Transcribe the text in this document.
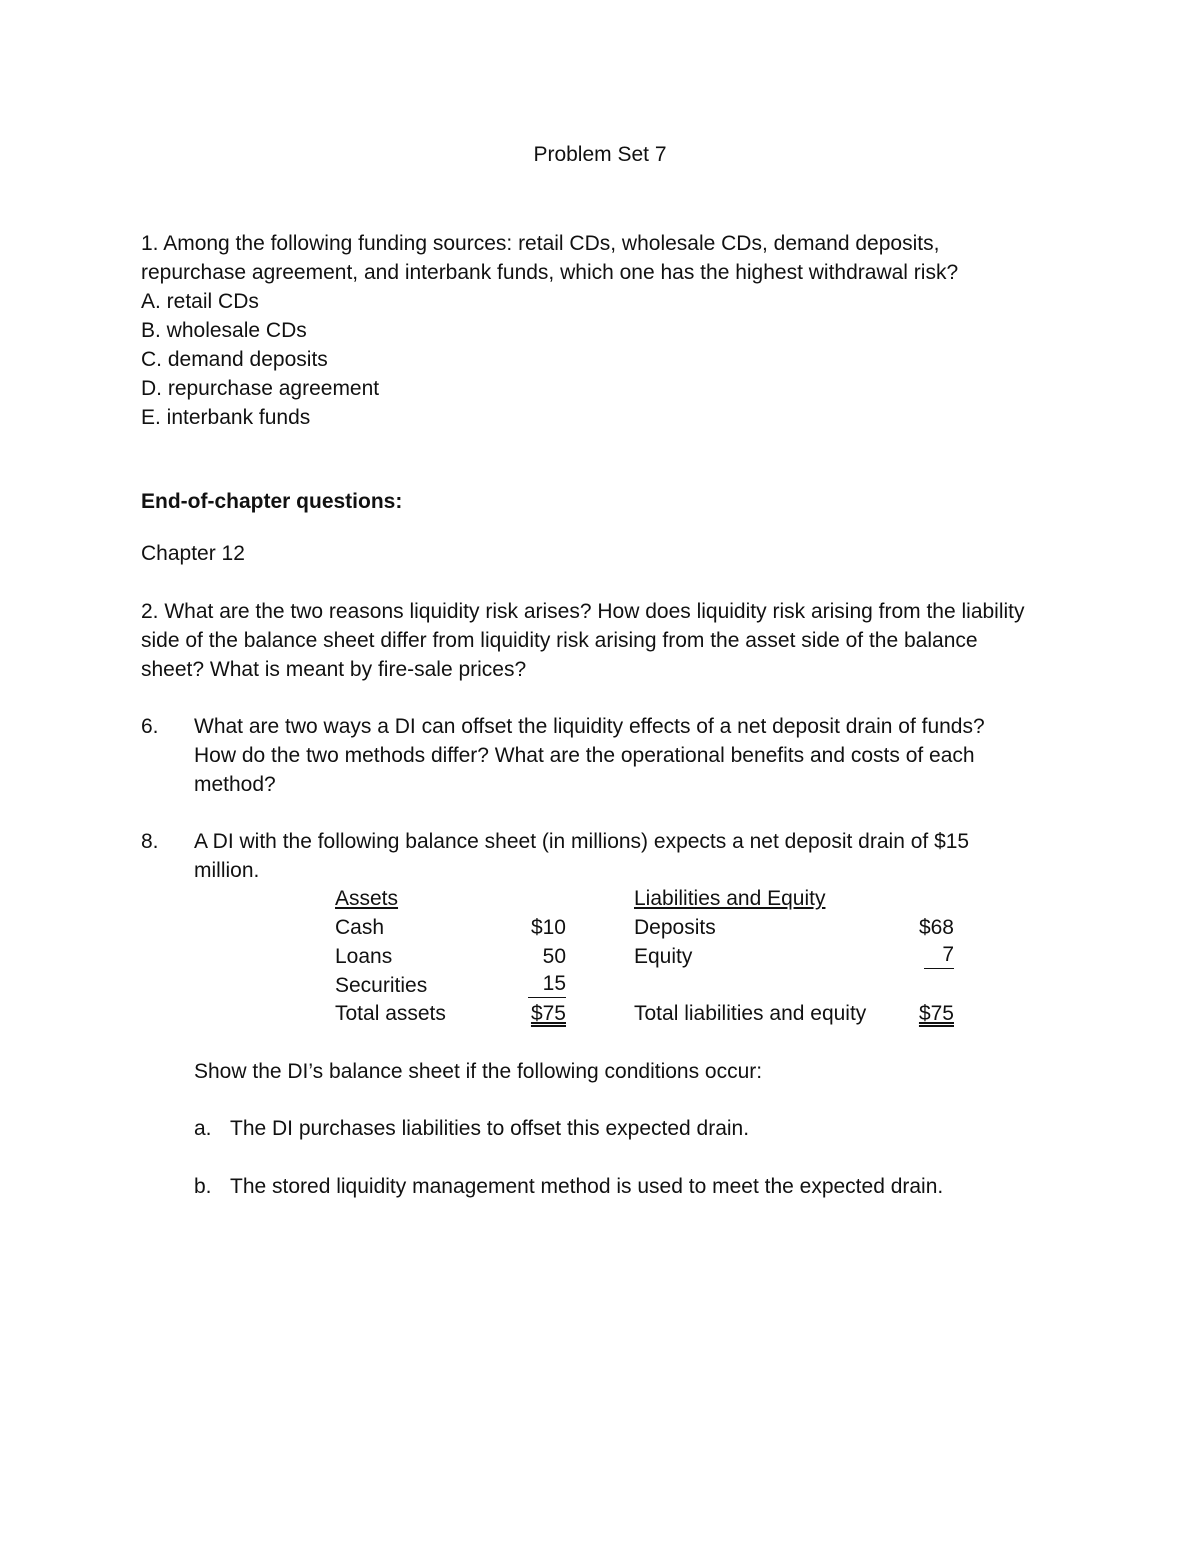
Problem Set 7

1. Among the following funding sources: retail CDs, wholesale CDs, demand deposits,

repurchase agreement, and interbank funds, which one has the highest withdrawal risk?

A. retail CDs

B. wholesale CDs

C. demand deposits

D. repurchase agreement

E. interbank funds

End-of-chapter questions:
Chapter 12

2. What are the two reasons liquidity risk arises? How does liquidity risk arising from the liability

side of the balance sheet differ from liquidity risk arising from the asset side of the balance

sheet? What is meant by fire-sale prices?

6.	What are two ways a DI can offset the liquidity effects of a net deposit drain of funds?

How do the two methods differ? What are the operational benefits and costs of each

method?

8.	A DI with the following balance sheet (in millions) expects a net deposit drain of $15

million.

Assets	Liabilities and Equity
Cash	$10	Deposits	$68
Loans	50	Equity	7
Securities	15
Total assets	$75	Total liabilities and equity	$75
Show the DI’s balance sheet if the following conditions occur:
a. The DI purchases liabilities to offset this expected drain.
b. The stored liquidity management method is used to meet the expected drain.
